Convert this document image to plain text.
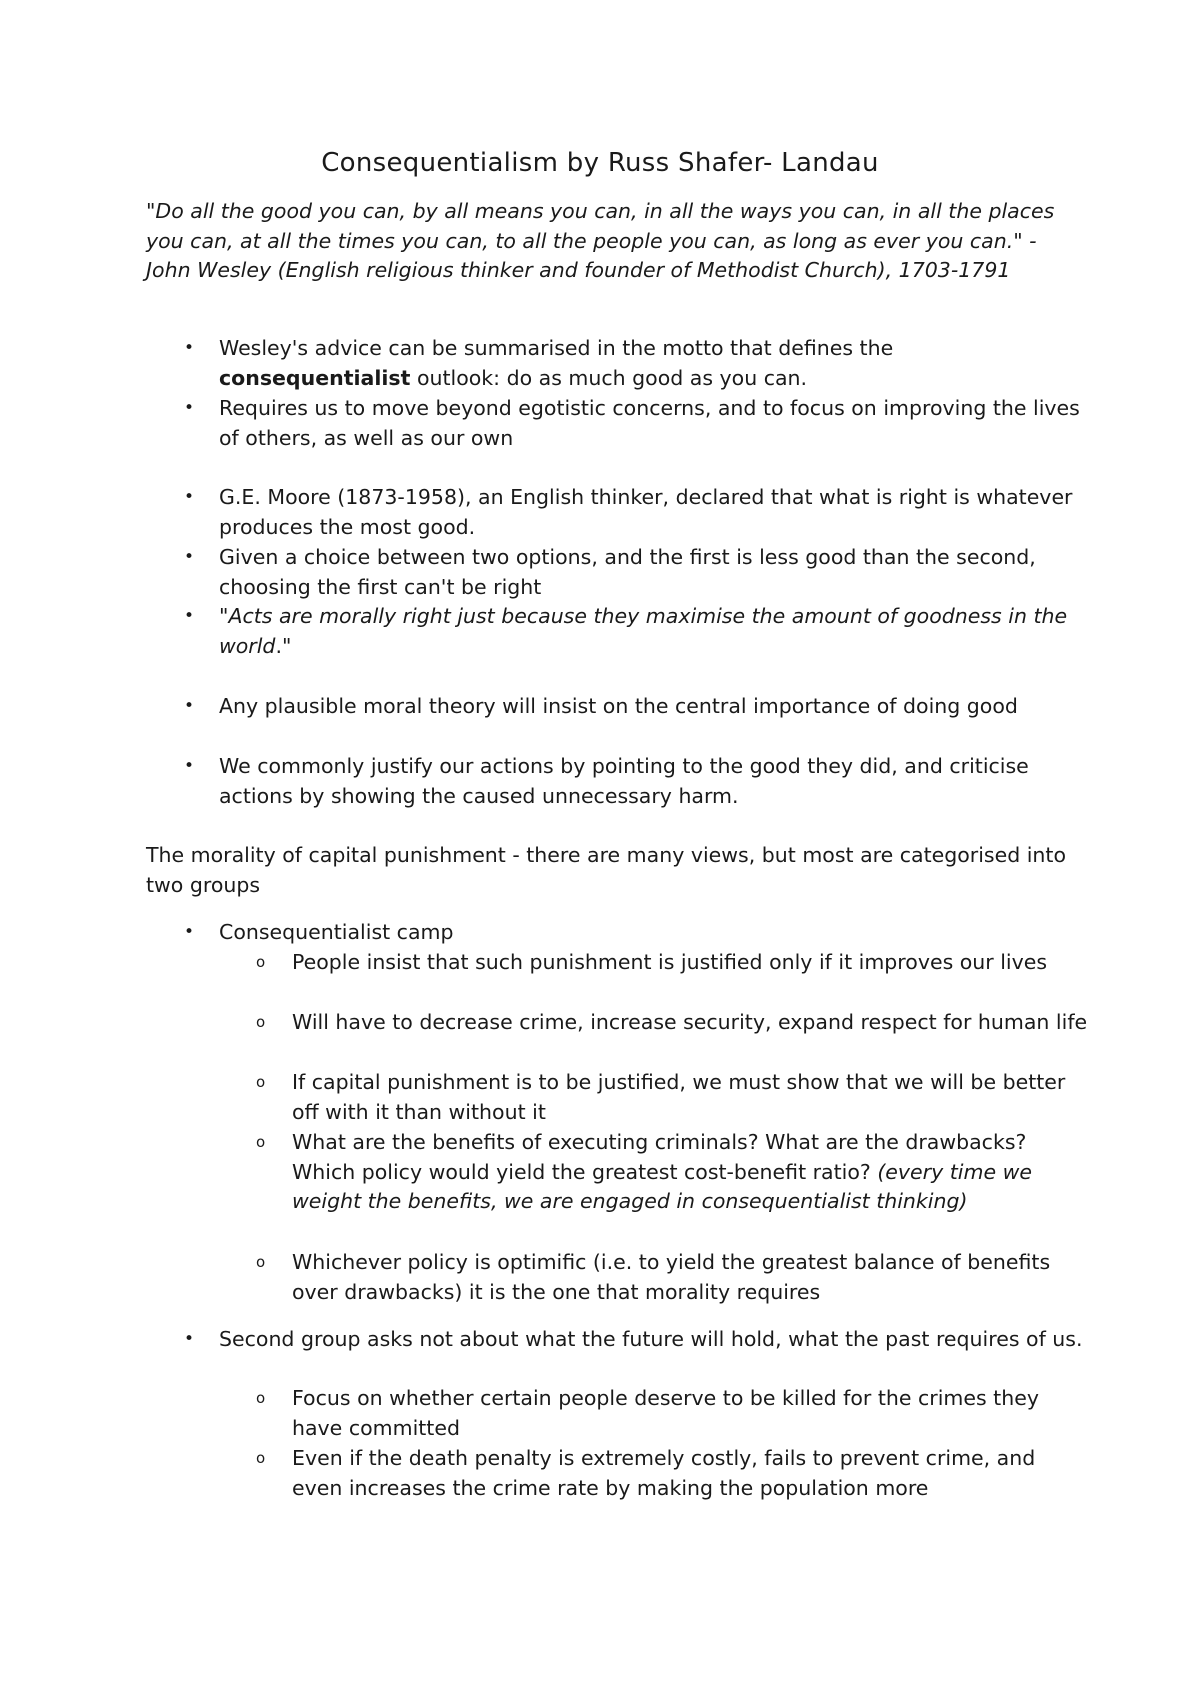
Consequentialism by Russ Shafer- Landau
"Do all the good you can, by all means you can, in all the ways you can, in all the places you can, at all the times you can, to all the people you can, as long as ever you can." - John Wesley (English religious thinker and founder of Methodist Church), 1703-1791
• Wesley's advice can be summarised in the motto that defines the consequentialist outlook: do as much good as you can.
• Requires us to move beyond egotistic concerns, and to focus on improving the lives of others, as well as our own
• G.E. Moore (1873-1958), an English thinker, declared that what is right is whatever produces the most good.
• Given a choice between two options, and the first is less good than the second, choosing the first can't be right
• "Acts are morally right just because they maximise the amount of goodness in the world."
• Any plausible moral theory will insist on the central importance of doing good
• We commonly justify our actions by pointing to the good they did, and criticise actions by showing the caused unnecessary harm.
The morality of capital punishment - there are many views, but most are categorised into two groups
• Consequentialist camp
o People insist that such punishment is justified only if it improves our lives
o Will have to decrease crime, increase security, expand respect for human life
o If capital punishment is to be justified, we must show that we will be better off with it than without it
o What are the benefits of executing criminals? What are the drawbacks? Which policy would yield the greatest cost-benefit ratio? (every time we weight the benefits, we are engaged in consequentialist thinking)
o Whichever policy is optimific (i.e. to yield the greatest balance of benefits over drawbacks) it is the one that morality requires
• Second group asks not about what the future will hold, what the past requires of us.
o Focus on whether certain people deserve to be killed for the crimes they have committed
o Even if the death penalty is extremely costly, fails to prevent crime, and even increases the crime rate by making the population more
